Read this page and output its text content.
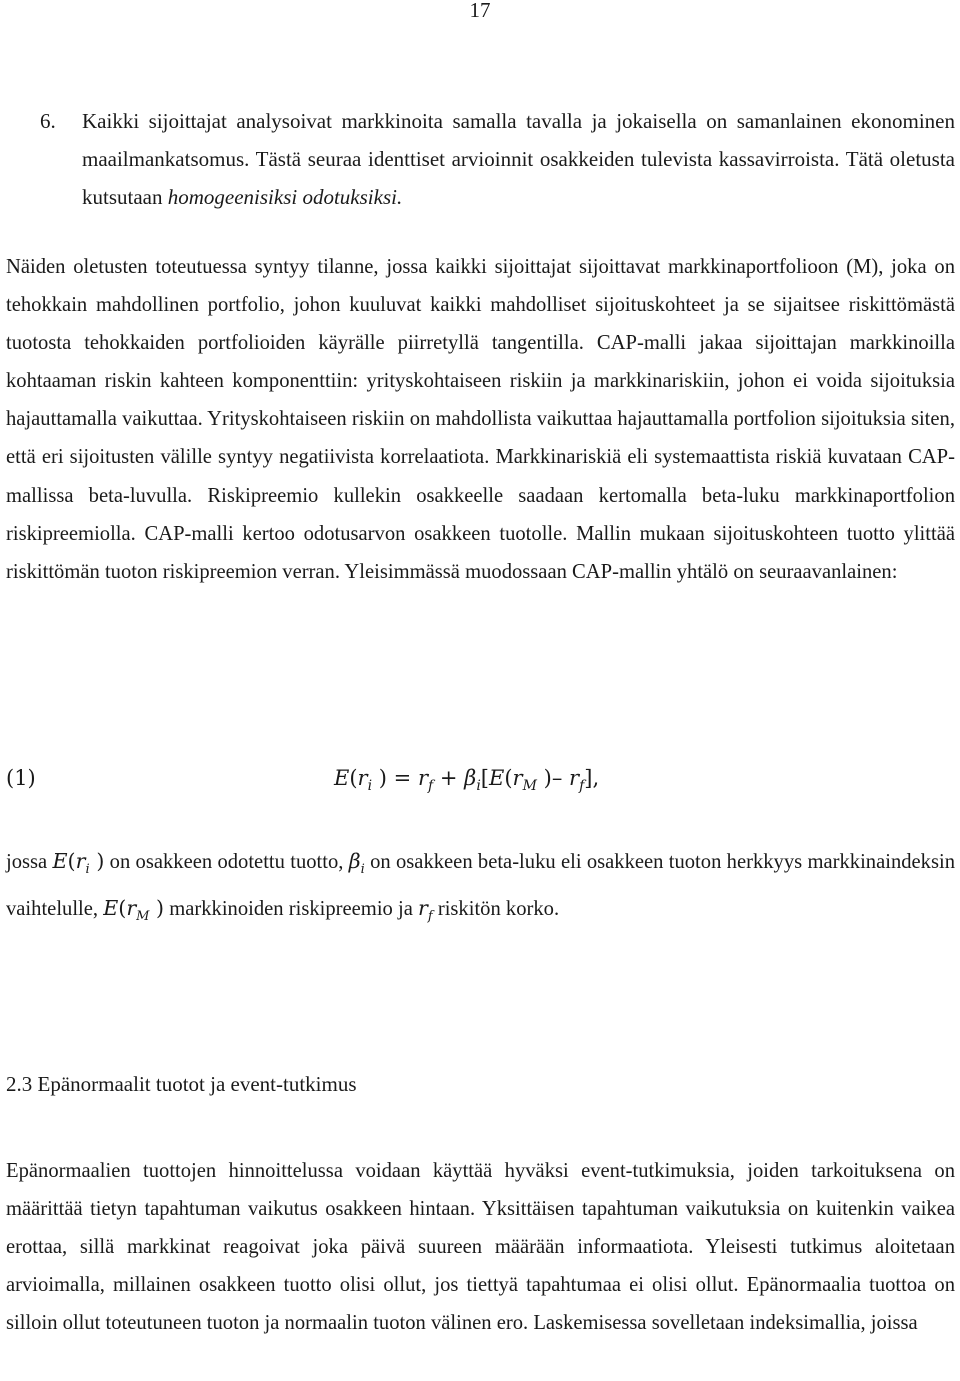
17
6.	Kaikki sijoittajat analysoivat markkinoita samalla tavalla ja jokaisella on samanlainen ekonominen maailmankatsomus. Tästä seuraa identtiset arvioinnit osakkeiden tulevista kassavirroista. Tätä oletusta kutsutaan homogeenisiksi odotuksiksi.

Näiden oletusten toteutuessa syntyy tilanne, jossa kaikki sijoittajat sijoittavat markkinaportfolioon (M), joka on tehokkain mahdollinen portfolio, johon kuuluvat kaikki mahdolliset sijoituskohteet ja se sijaitsee riskittömästä tuotosta tehokkaiden portfolioiden käyrälle piirretyllä tangentilla. CAP-malli jakaa sijoittajan markkinoilla kohtaaman riskin kahteen komponenttiin: yrityskohtaiseen riskiin ja markkinariskiin, johon ei voida sijoituksia hajauttamalla vaikuttaa. Yrityskohtaiseen riskiin on mahdollista vaikuttaa hajauttamalla portfolion sijoituksia siten, että eri sijoitusten välille syntyy negatiivista korrelaatiota. Markkinariskiä eli systemaattista riskiä kuvataan CAP-mallissa beta-luvulla. Riskipreemio kullekin osakkeelle saadaan kertomalla beta-luku markkinaportfolion riskipreemiolla. CAP-malli kertoo odotusarvon osakkeen tuotolle. Mallin mukaan sijoituskohteen tuotto ylittää riskittömän tuoton riskipreemion verran. Yleisimmässä muodossaan CAP-mallin yhtälö on seuraavanlainen:

(1)	$E(r_i$ ) = $r_f + \beta_i[E(r_M$ )– $r_f$],

jossa $E(r_i$ ) on osakkeen odotettu tuotto, $\beta_i$ on osakkeen beta-luku eli osakkeen tuoton herkkyys markkinaindeksin vaihtelulle, $E(r_M$ ) markkinoiden riskipreemio ja $r_f$ riskitön korko.

2.3 Epänormaalit tuotot ja event-tutkimus

Epänormaalien tuottojen hinnoittelussa voidaan käyttää hyväksi event-tutkimuksia, joiden tarkoituksena on määrittää tietyn tapahtuman vaikutus osakkeen hintaan. Yksittäisen tapahtuman vaikutuksia on kuitenkin vaikea erottaa, sillä markkinat reagoivat joka päivä suureen määrään informaatiota. Yleisesti tutkimus aloitetaan arvioimalla, millainen osakkeen tuotto olisi ollut, jos tiettyä tapahtumaa ei olisi ollut. Epänormaalia tuottoa on silloin ollut toteutuneen tuoton ja normaalin tuoton välinen ero. Laskemisessa sovelletaan indeksimallia, joissa
